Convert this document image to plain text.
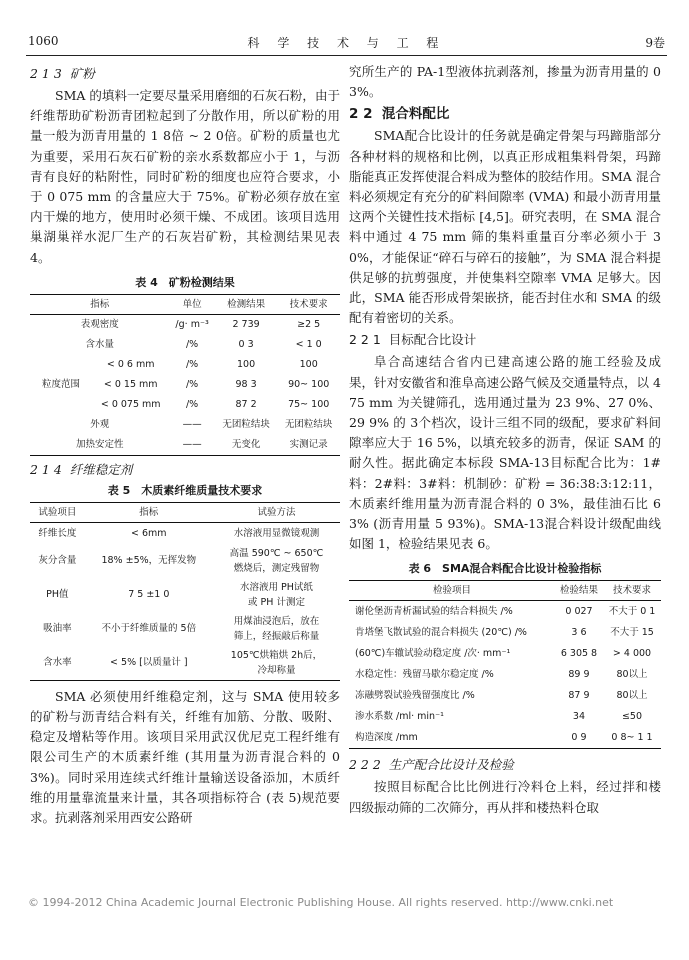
1060	科 学 技 术 与 工 程	9卷
2 1 3 矿粉

SMA 的填料一定要尽量采用磨细的石灰石粉，由于纤维帮助矿粉沥青团粒起到了分散作用，所以矿粉的用量一般为沥青用量的 1 8倍 ~ 2 0倍。矿粉的质量也尤为重要，采用石灰石矿粉的亲水系数都应小于 1，与沥青有良好的粘附性，同时矿粉的细度也应符合要求，小于 0 075 mm 的含量应大于 75%。矿粉必须存放在室内干燥的地方，使用时必须干燥、不成团。该项目选用巢湖巢祥水泥厂生产的石灰岩矿粉，其检测结果见表 4。

表 4　矿粉检测结果
指标		单位	检测结果	技术要求
表观密度		/g· m⁻³	2 739	≥2 5
含水量		/%	0 3	< 1 0
粒度范围	< 0 6 mm	/%	100	100
	< 0 15 mm	/%	98 3	90~ 100
	< 0 075 mm	/%	87 2	75~ 100
外观		——	无团粒结块	无团粒结块
加热安定性		——	无变化	实测记录
2 1 4 纤维稳定剂
表 5　木质素纤维质量技术要求
试验项目	指标	试验方法
纤维长度	< 6mm	水溶液用显微镜观测

灰分含量	18% ±5%，无挥发物	高温 590℃ ~ 650℃
燃烧后，测定残留物

PH值	7 5 ±1 0	水溶液用 PH试纸
或 PH 计测定

吸油率	不小于纤维质量的 5倍	用煤油浸泡后，放在
筛上，经振敲后称量

含水率	< 5% [以质量计 ]	105℃烘箱烘 2h后，
冷却称量

SMA 必须使用纤维稳定剂，这与 SMA 使用较多的矿粉与沥青结合料有关，纤维有加筋、分散、吸附、稳定及增粘等作用。该项目采用武汉优尼克工程纤维有限公司生产的木质素纤维 (其用量为沥青混合料的 0 3%)。同时采用连续式纤维计量输送设备添加，木质纤维的用量靠流量来计量，其各项指标符合 (表 5)规范要求。抗剥落剂采用西安公路研

究所生产的 PA-1型液体抗剥落剂，掺量为沥青用量的 0 3%。

2 2 混合料配比

SMA配合比设计的任务就是确定骨架与玛蹄脂部分各种材料的规格和比例，以真正形成粗集料骨架，玛蹄脂能真正发挥使混合料成为整体的胶结作用。SMA 混合料必须规定有充分的矿料间隙率 (VMA) 和最小沥青用量这两个关键性技术指标 [4,5]。研究表明，在 SMA 混合料中通过 4 75 mm 筛的集料重量百分率必须小于 30%，才能保证“碎石与碎石的接触”，为 SMA 混合料提供足够的抗剪强度，并使集料空隙率 VMA 足够大。因此，SMA 能否形成骨架嵌挤，能否封住水和 SMA 的级配有着密切的关系。

2 2 1 目标配合比设计

阜合高速结合省内已建高速公路的施工经验及成果，针对安徽省和淮阜高速公路气候及交通量特点，以 4 75 mm 为关键筛孔，选用通过量为 23 9%、27 0%、29 9% 的 3个档次，设计三组不同的级配，要求矿料间隙率应大于 16 5%，以填充较多的沥青，保证 SAM 的耐久性。据此确定本标段 SMA-13目标配合比为：1#料：2#料：3#料：机制砂：矿粉 = 36:38:3:12:11，木质素纤维用量为沥青混合料的 0 3%，最佳油石比 6 3% (沥青用量 5 93%)。SMA-13混合料设计级配曲线如图 1，检验结果见表 6。

表 6　SMA混合料配合比设计检验指标
检验项目	检验结果	技术要求
谢伦堡沥青析漏试验的结合料损失 /%	0 027	不大于 0 1
肯塔堡飞散试验的混合料损失 (20℃) /%	3 6	不大于 15
(60℃)车辙试验动稳定度 /次· mm⁻¹	6 305 8	> 4 000
水稳定性：残留马歇尔稳定度 /%	89 9	80以上
冻融劈裂试验残留强度比 /%	87 9	80以上
渗水系数 /ml· min⁻¹	34	≤50
构造深度 /mm	0 9	0 8~ 1 1
2 2 2 生产配合比设计及检验

按照目标配合比比例进行冷料仓上料，经过拌和楼四级振动筛的二次筛分，再从拌和楼热料仓取

© 1994-2012 China Academic Journal Electronic Publishing House. All rights reserved. http://www.cnki.net
